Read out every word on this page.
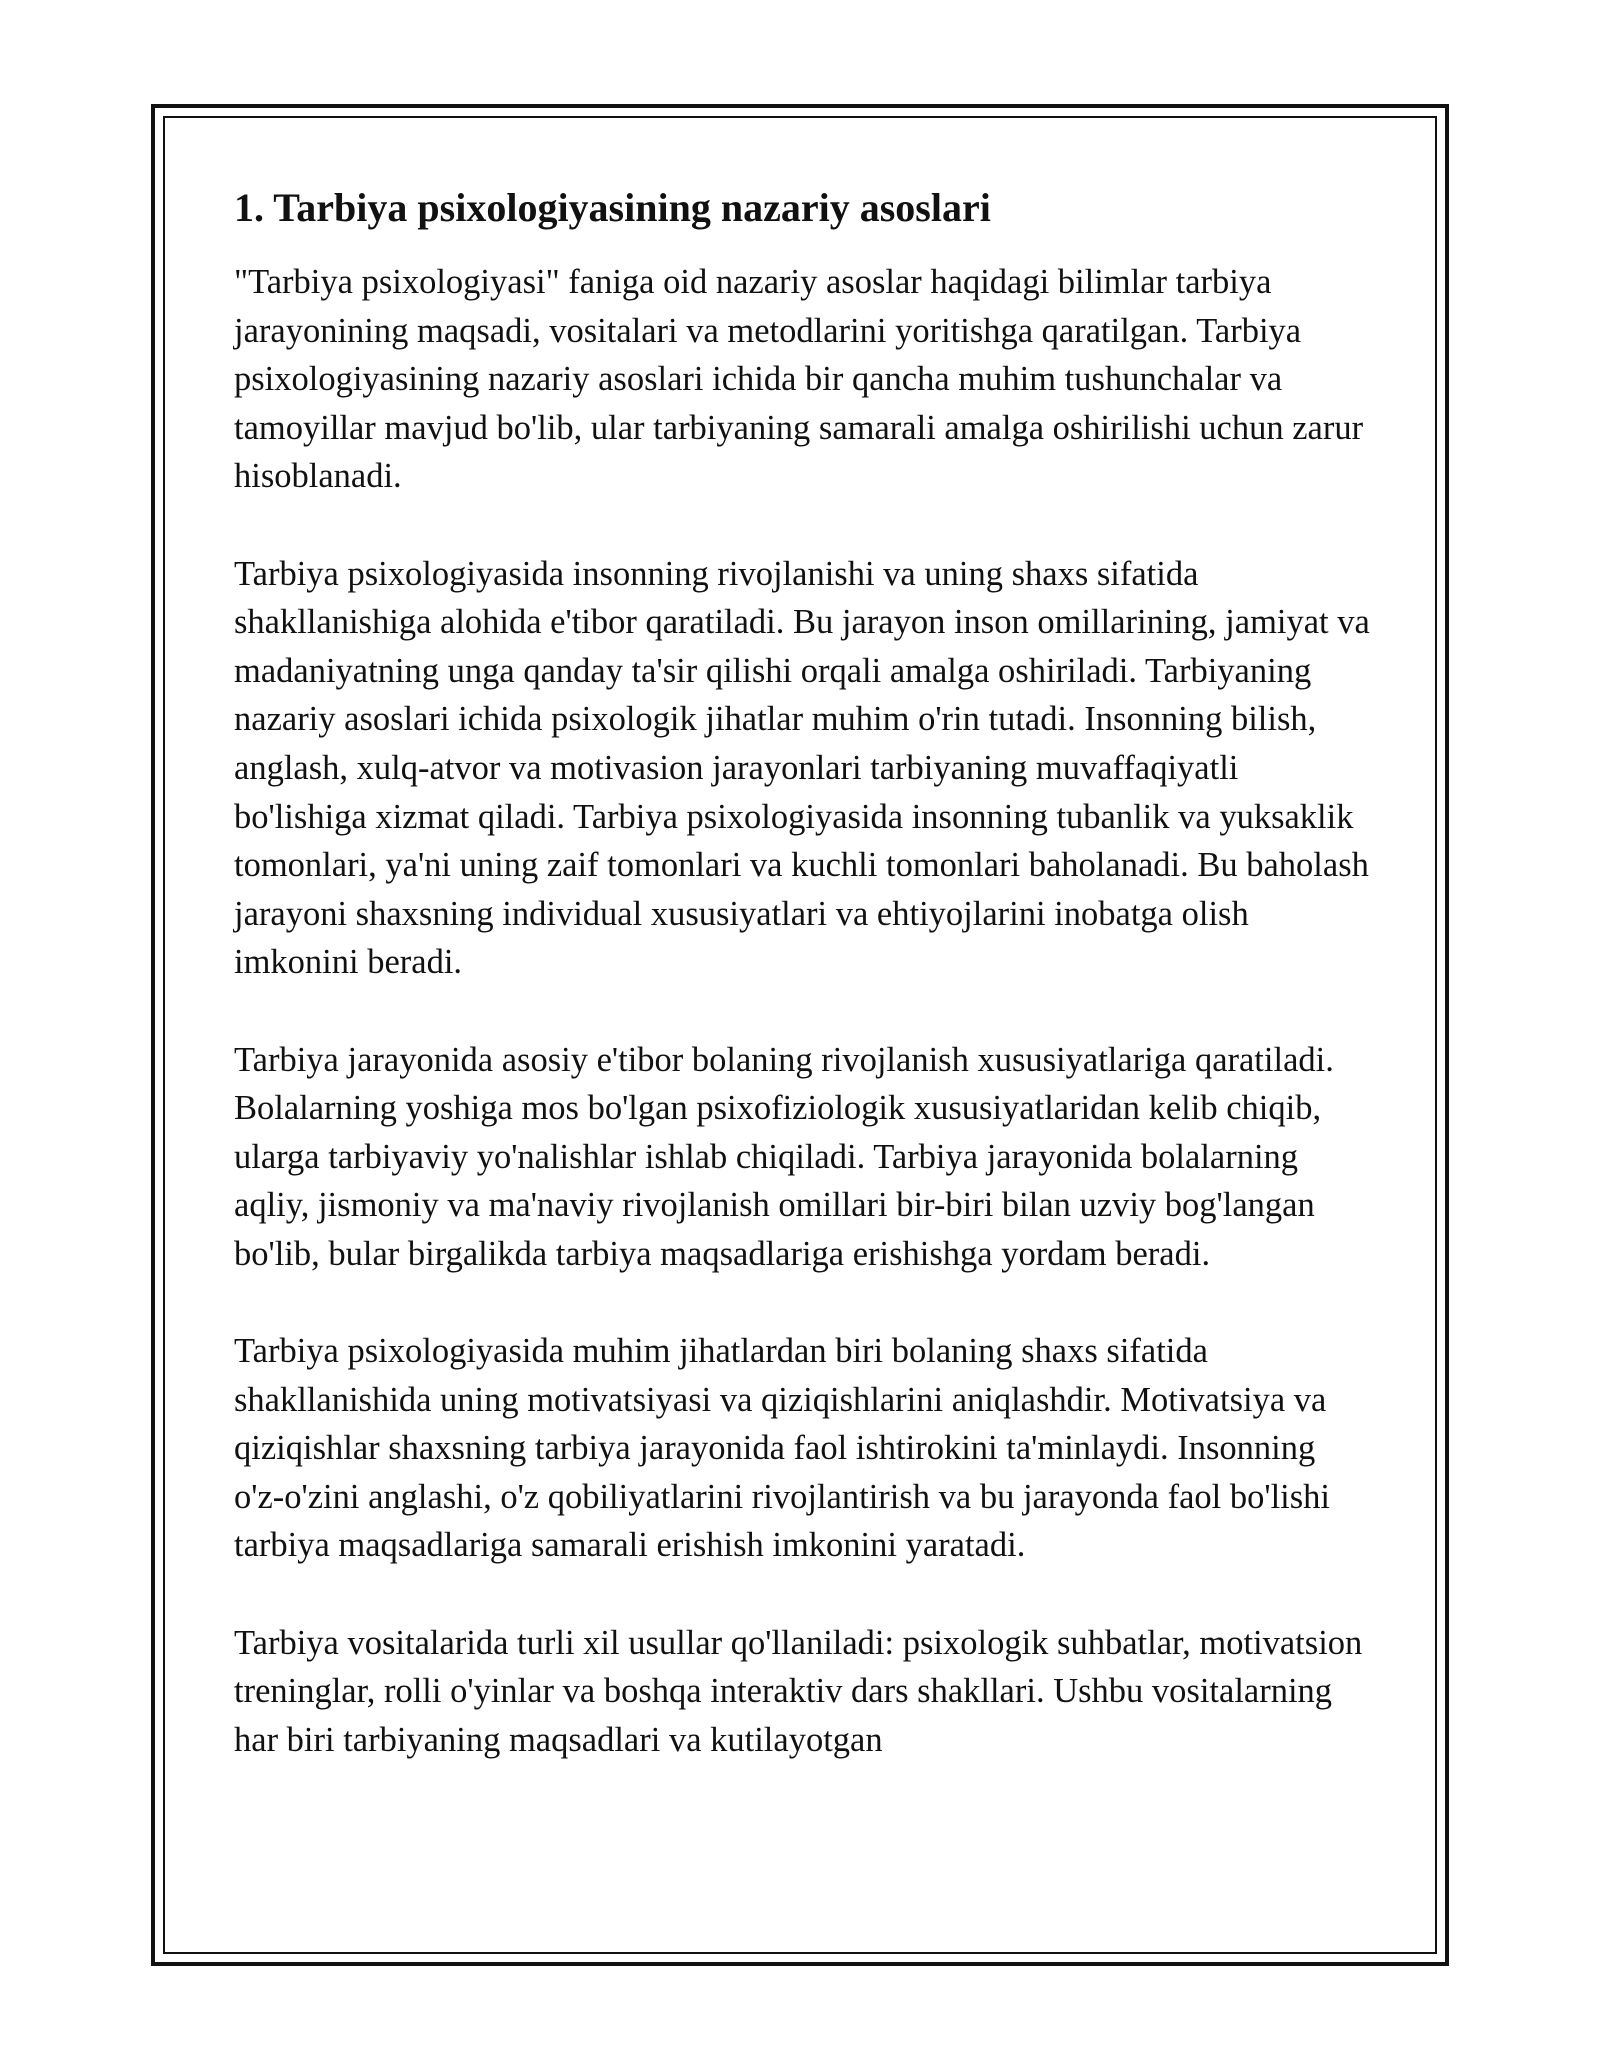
1. Tarbiya psixologiyasining nazariy asoslari

"Tarbiya psixologiyasi" faniga oid nazariy asoslar haqidagi bilimlar tarbiya jarayonining maqsadi, vositalari va metodlarini yoritishga qaratilgan. Tarbiya psixologiyasining nazariy asoslari ichida bir qancha muhim tushunchalar va tamoyillar mavjud bo'lib, ular tarbiyaning samarali amalga oshirilishi uchun zarur hisoblanadi.

Tarbiya psixologiyasida insonning rivojlanishi va uning shaxs sifatida shakllanishiga alohida e'tibor qaratiladi. Bu jarayon inson omillarining, jamiyat va madaniyatning unga qanday ta'sir qilishi orqali amalga oshiriladi. Tarbiyaning nazariy asoslari ichida psixologik jihatlar muhim o'rin tutadi. Insonning bilish, anglash, xulq-atvor va motivasion jarayonlari tarbiyaning muvaffaqiyatli bo'lishiga xizmat qiladi. Tarbiya psixologiyasida insonning tubanlik va yuksaklik tomonlari, ya'ni uning zaif tomonlari va kuchli tomonlari baholanadi. Bu baholash jarayoni shaxsning individual xususiyatlari va ehtiyojlarini inobatga olish imkonini beradi.

Tarbiya jarayonida asosiy e'tibor bolaning rivojlanish xususiyatlariga qaratiladi. Bolalarning yoshiga mos bo'lgan psixofiziologik xususiyatlaridan kelib chiqib, ularga tarbiyaviy yo'nalishlar ishlab chiqiladi. Tarbiya jarayonida bolalarning aqliy, jismoniy va ma'naviy rivojlanish omillari bir-biri bilan uzviy bog'langan bo'lib, bular birgalikda tarbiya maqsadlariga erishishga yordam beradi.

Tarbiya psixologiyasida muhim jihatlardan biri bolaning shaxs sifatida shakllanishida uning motivatsiyasi va qiziqishlarini aniqlashdir. Motivatsiya va qiziqishlar shaxsning tarbiya jarayonida faol ishtirokini ta'minlaydi. Insonning o'z-o'zini anglashi, o'z qobiliyatlarini rivojlantirish va bu jarayonda faol bo'lishi tarbiya maqsadlariga samarali erishish imkonini yaratadi.

Tarbiya vositalarida turli xil usullar qo'llaniladi: psixologik suhbatlar, motivatsion treninglar, rolli o'yinlar va boshqa interaktiv dars shakllari. Ushbu vositalarning har biri tarbiyaning maqsadlari va kutilayotgan
